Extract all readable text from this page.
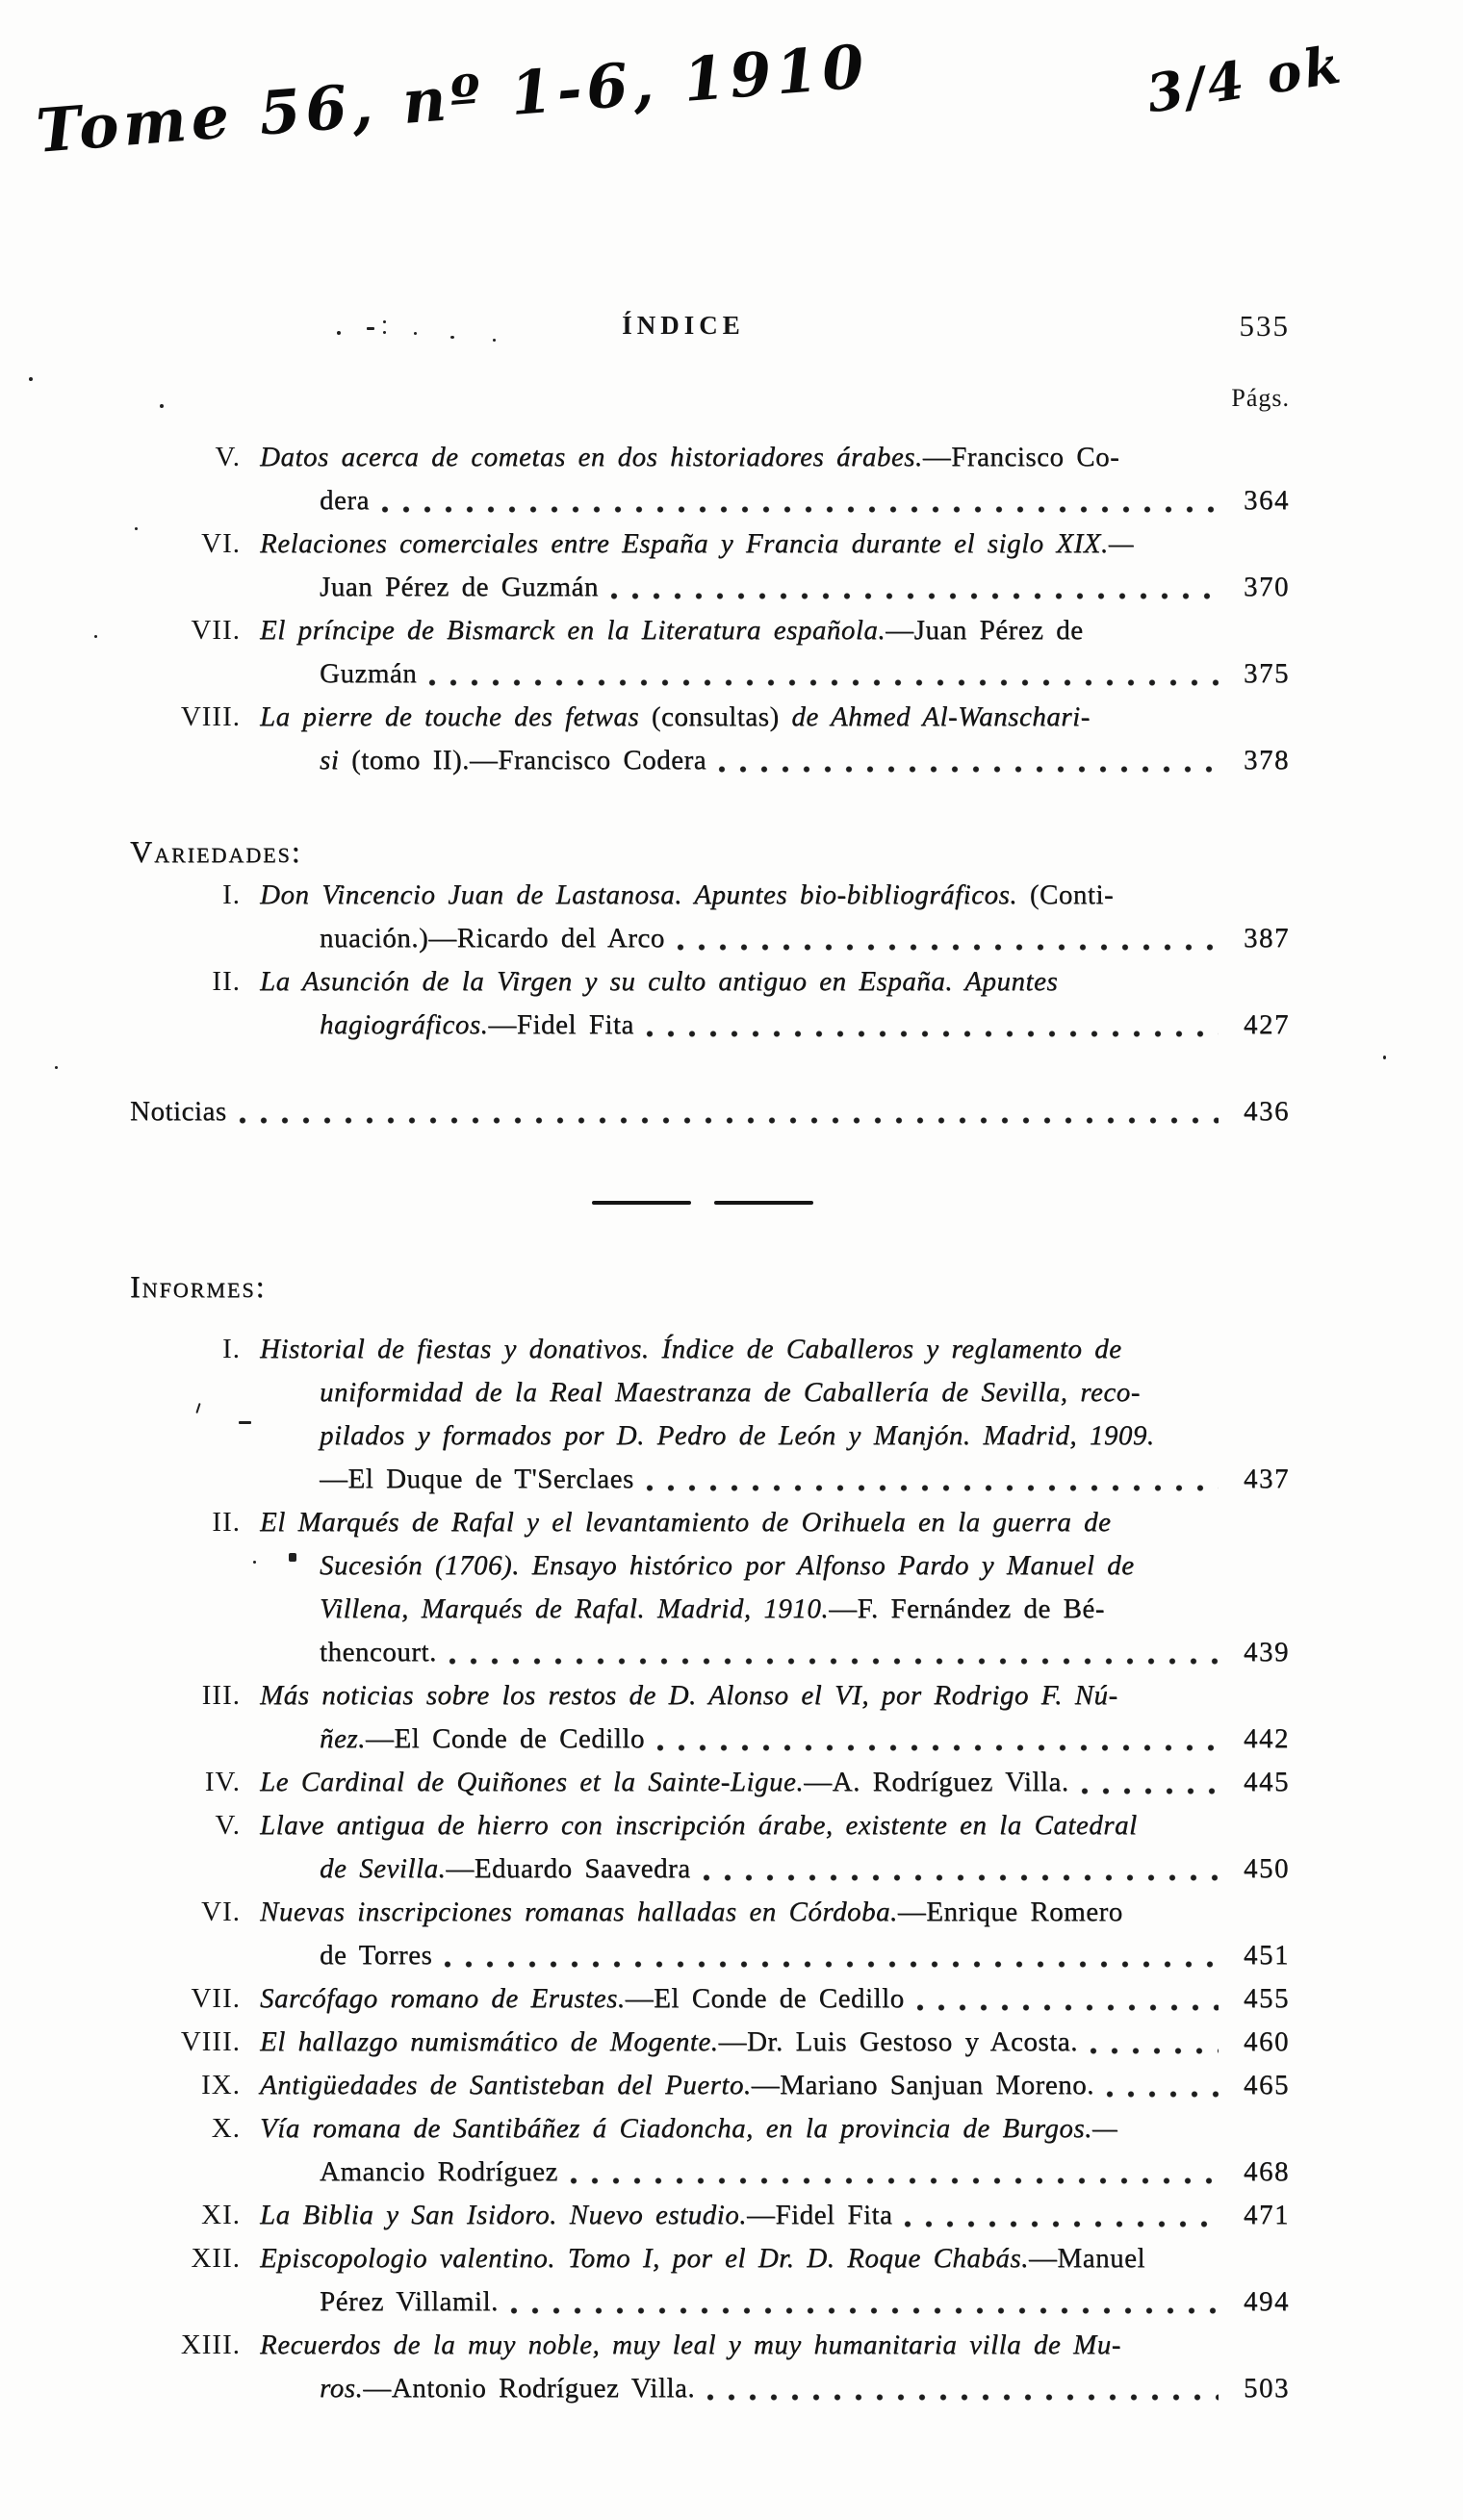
Tome 56, nº 1-6, 1910	3/4 ok
ÍNDICE	535
Págs.
V. Datos acerca de cometas en dos historiadores árabes.—Francisco Co-
dera	364
VI. Relaciones comerciales entre España y Francia durante el siglo XIX.—
Juan Pérez de Guzmán	370
VII. El príncipe de Bismarck en la Literatura española.—Juan Pérez de
Guzmán	375
VIII. La pierre de touche des fetwas (consultas) de Ahmed Al-Wanschari-
si (tomo II).—Francisco Codera	378
Variedades:
I. Don Vincencio Juan de Lastanosa. Apuntes bio-bibliográficos. (Conti-
nuación.)—Ricardo del Arco	387
II. La Asunción de la Virgen y su culto antiguo en España. Apuntes
hagiográficos.—Fidel Fita	427
Noticias	436
Informes:
I. Historial de fiestas y donativos. Índice de Caballeros y reglamento de
uniformidad de la Real Maestranza de Caballería de Sevilla, reco-
pilados y formados por D. Pedro de León y Manjón. Madrid, 1909.
—El Duque de T'Serclaes	437
II. El Marqués de Rafal y el levantamiento de Orihuela en la guerra de
Sucesión (1706). Ensayo histórico por Alfonso Pardo y Manuel de
Villena, Marqués de Rafal. Madrid, 1910.—F. Fernández de Bé-
thencourt.	439
III. Más noticias sobre los restos de D. Alonso el VI, por Rodrigo F. Nú-
ñez.—El Conde de Cedillo	442
IV. Le Cardinal de Quiñones et la Sainte-Ligue.—A. Rodríguez Villa.	445
V. Llave antigua de hierro con inscripción árabe, existente en la Catedral
de Sevilla.—Eduardo Saavedra	450
VI. Nuevas inscripciones romanas halladas en Córdoba.—Enrique Romero
de Torres	451
VII. Sarcófago romano de Erustes.—El Conde de Cedillo	455
VIII. El hallazgo numismático de Mogente.—Dr. Luis Gestoso y Acosta.	460
IX. Antigüedades de Santisteban del Puerto.—Mariano Sanjuan Moreno.	465
X. Vía romana de Santibáñez á Ciadoncha, en la provincia de Burgos.—
Amancio Rodríguez	468
XI. La Biblia y San Isidoro. Nuevo estudio.—Fidel Fita	471
XII. Episcopologio valentino. Tomo I, por el Dr. D. Roque Chabás.—Manuel
Pérez Villamil.	494
XIII. Recuerdos de la muy noble, muy leal y muy humanitaria villa de Mu-
ros.—Antonio Rodríguez Villa.	503
